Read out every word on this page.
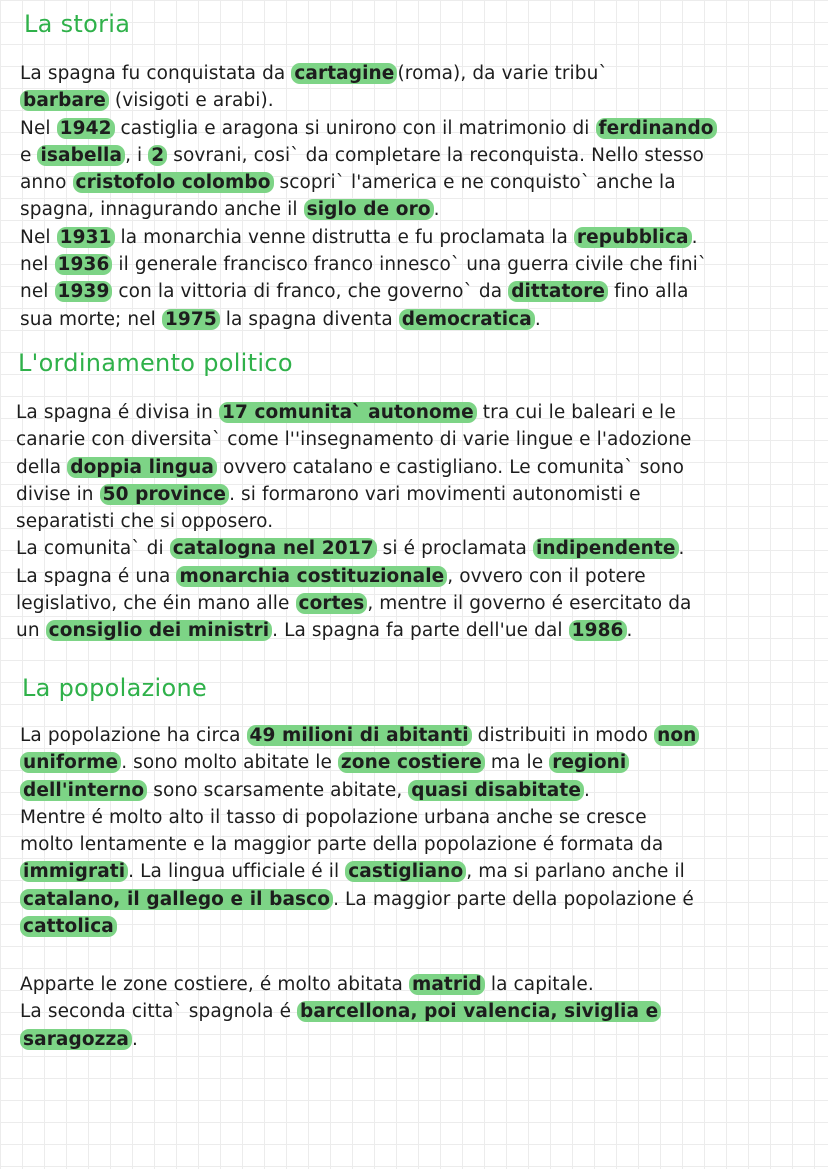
La storia
La spagna fu conquistata da cartagine (roma), da varie tribu`
barbare (visigoti e arabi).
Nel 1942 castiglia e aragona si unirono con il matrimonio di ferdinando
e isabella , i 2 sovrani, cosi` da completare la reconquista. Nello stesso
anno cristofolo colombo scopri` l'america e ne conquisto` anche la
spagna, innagurando anche il siglo de oro .
Nel 1931 la monarchia venne distrutta e fu proclamata la repubblica .
nel 1936 il generale francisco franco innesco` una guerra civile che fini`
nel 1939 con la vittoria di franco, che governo` da dittatore fino alla
sua morte; nel 1975 la spagna diventa democratica .
L'ordinamento politico
La spagna é divisa in 17 comunita` autonome tra cui le baleari e le
canarie con diversita` come l''insegnamento di varie lingue e l'adozione
della doppia lingua ovvero catalano e castigliano. Le comunita` sono
divise in 50 province . si formarono vari movimenti autonomisti e
separatisti che si opposero.
La comunita` di catalogna nel 2017 si é proclamata indipendente .
La spagna é una monarchia costituzionale , ovvero con il potere
legislativo, che éin mano alle cortes , mentre il governo é esercitato da
un consiglio dei ministri . La spagna fa parte dell'ue dal 1986 .
La popolazione
La popolazione ha circa 49 milioni di abitanti distribuiti in modo non
uniforme . sono molto abitate le zone costiere ma le regioni
dell'interno sono scarsamente abitate, quasi disabitate .
Mentre é molto alto il tasso di popolazione urbana anche se cresce
molto lentamente e la maggior parte della popolazione é formata da
immigrati . La lingua ufficiale é il castigliano , ma si parlano anche il
catalano, il gallego e il basco . La maggior parte della popolazione é
cattolica
Apparte le zone costiere, é molto abitata matrid la capitale.
La seconda citta` spagnola é barcellona, poi valencia, siviglia e
saragozza .
